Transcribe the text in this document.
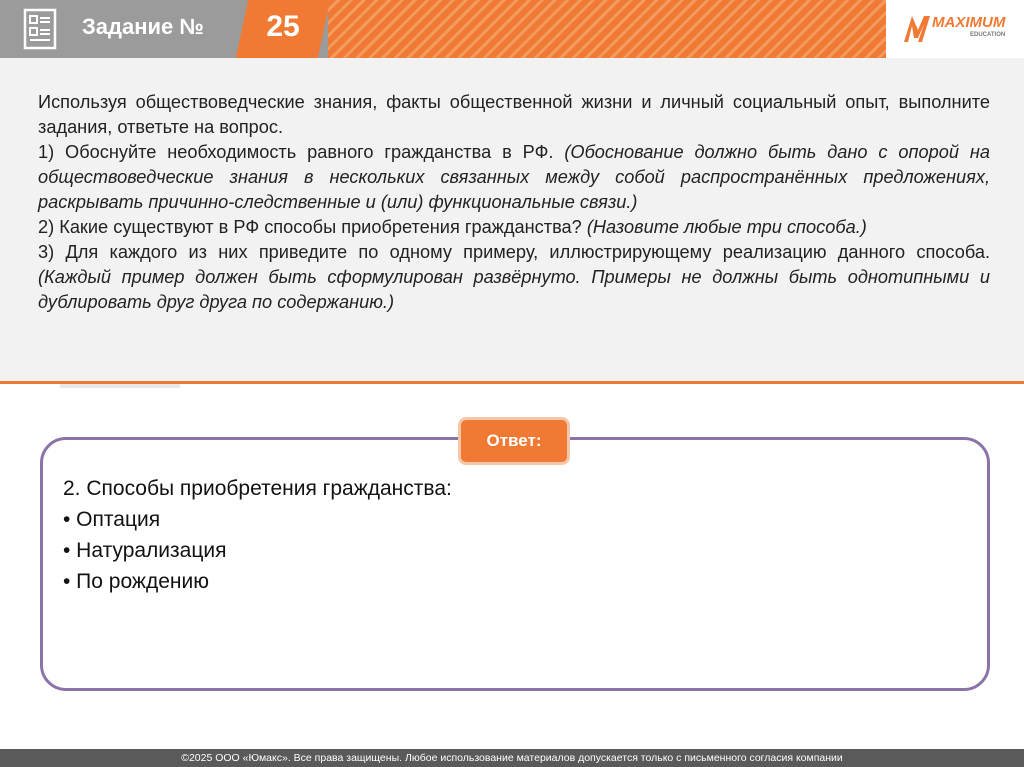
Задание №	25	MAXIMUM
EDUCATION

Используя обществоведческие знания, факты общественной жизни и личный социальный опыт, выполните задания, ответьте на вопрос.

1) Обоснуйте необходимость равного гражданства в РФ. (Обоснование должно быть дано с опорой на обществоведческие знания в нескольких связанных между собой распространённых предложениях, раскрывать причинно-следственные и (или) функциональные связи.)

2) Какие существуют в РФ способы приобретения гражданства? (Назовите любые три способа.)

3) Для каждого из них приведите по одному примеру, иллюстрирующему реализацию данного способа. (Каждый пример должен быть сформулирован развёрнуто. Примеры не должны быть однотипными и дублировать друг друга по содержанию.)

Ответ:
2. Способы приобретения гражданства:
• Оптация
• Натурализация
• По рождению
©2025 ООО «Юмакс». Все права защищены. Любое использование материалов допускается только с письменного согласия компании
